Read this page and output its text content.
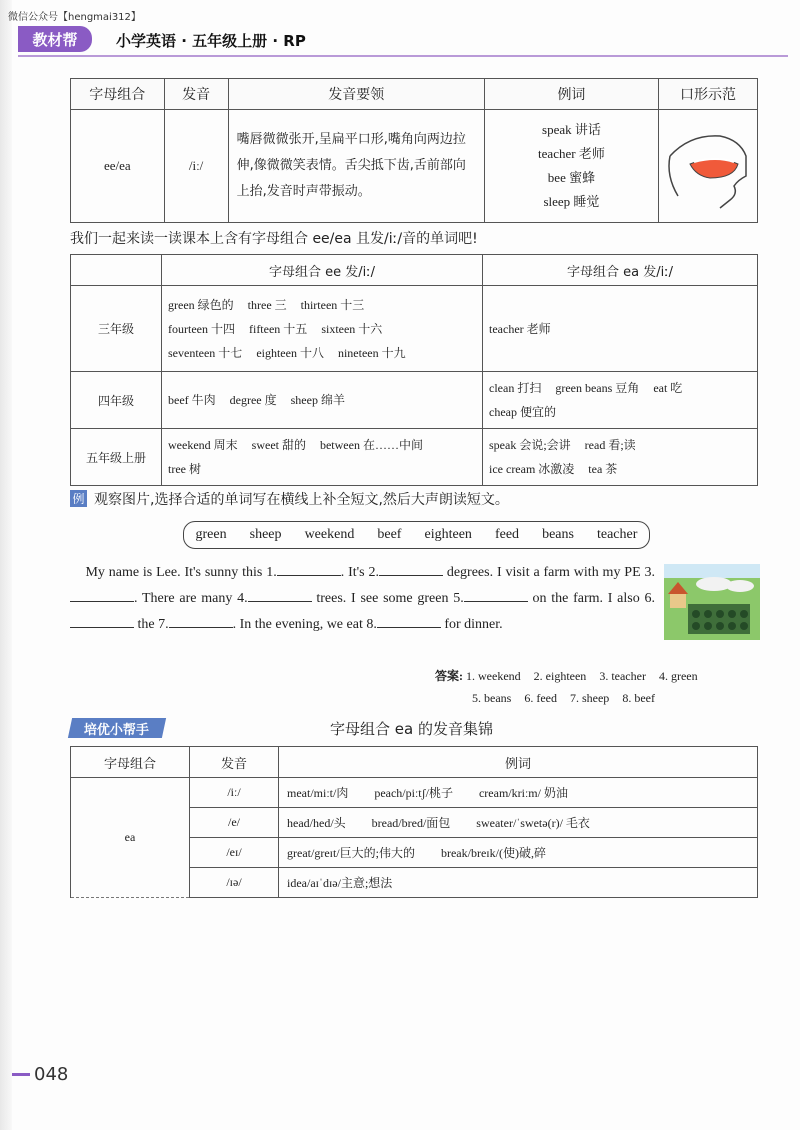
微信公众号【hengmai312】
教材帮	小学英语 · 五年级上册 · RP
字母组合	发音	发音要领	例词	口形示范
ee/ea	/iː/	嘴唇微微张开,呈扁平口形,嘴角向两边拉伸,像微微笑表情。舌尖抵下齿,舌前部向上抬,发音时声带振动。	speak 讲话
teacher 老师
bee 蜜蜂
sleep 睡觉

我们一起来读一读课本上含有字母组合 ee/ea 且发/iː/音的单词吧!
	字母组合 ee 发/iː/	字母组合 ea 发/iː/
三年级	green 绿色的 three 三 thirteen 十三
fourteen 十四 fifteen 十五 sixteen 十六
seventeen 十七 eighteen 十八 nineteen 十九	teacher 老师
四年级	beef 牛肉 degree 度 sheep 绵羊	clean 打扫 green beans 豆角 eat 吃
cheap 便宜的
五年级上册	weekend 周末 sweet 甜的 between 在……中间
tree 树	speak 会说;会讲 read 看;读
ice cream 冰激凌 tea 茶
例 观察图片,选择合适的单词写在横线上补全短文,然后大声朗读短文。
green sheep weekend beef eighteen feed beans teacher
My name is Lee. It's sunny this 1.	. It's 2.	degrees. I visit a farm with my PE 3.. There are many 4.	trees. I see some green 5.	on the farm. I also 6. the 7.	. In the evening, we eat 8.	for dinner.
答案: 1. weekend 2. eighteen 3. teacher 4. green
5. beans 6. feed 7. sheep 8. beef
培优小帮手	字母组合 ea 的发音集锦
字母组合	发音	例词
ea	/iː/	meat/miːt/肉 peach/piːtʃ/桃子 cream/kriːm/ 奶油
	/e/	head/hed/头 bread/bred/面包 sweater/ˈswetə(r)/ 毛衣
	/eɪ/	great/greɪt/巨大的;伟大的 break/breɪk/(使)破,碎
	/ɪə/	idea/aɪˈdɪə/主意;想法
048
